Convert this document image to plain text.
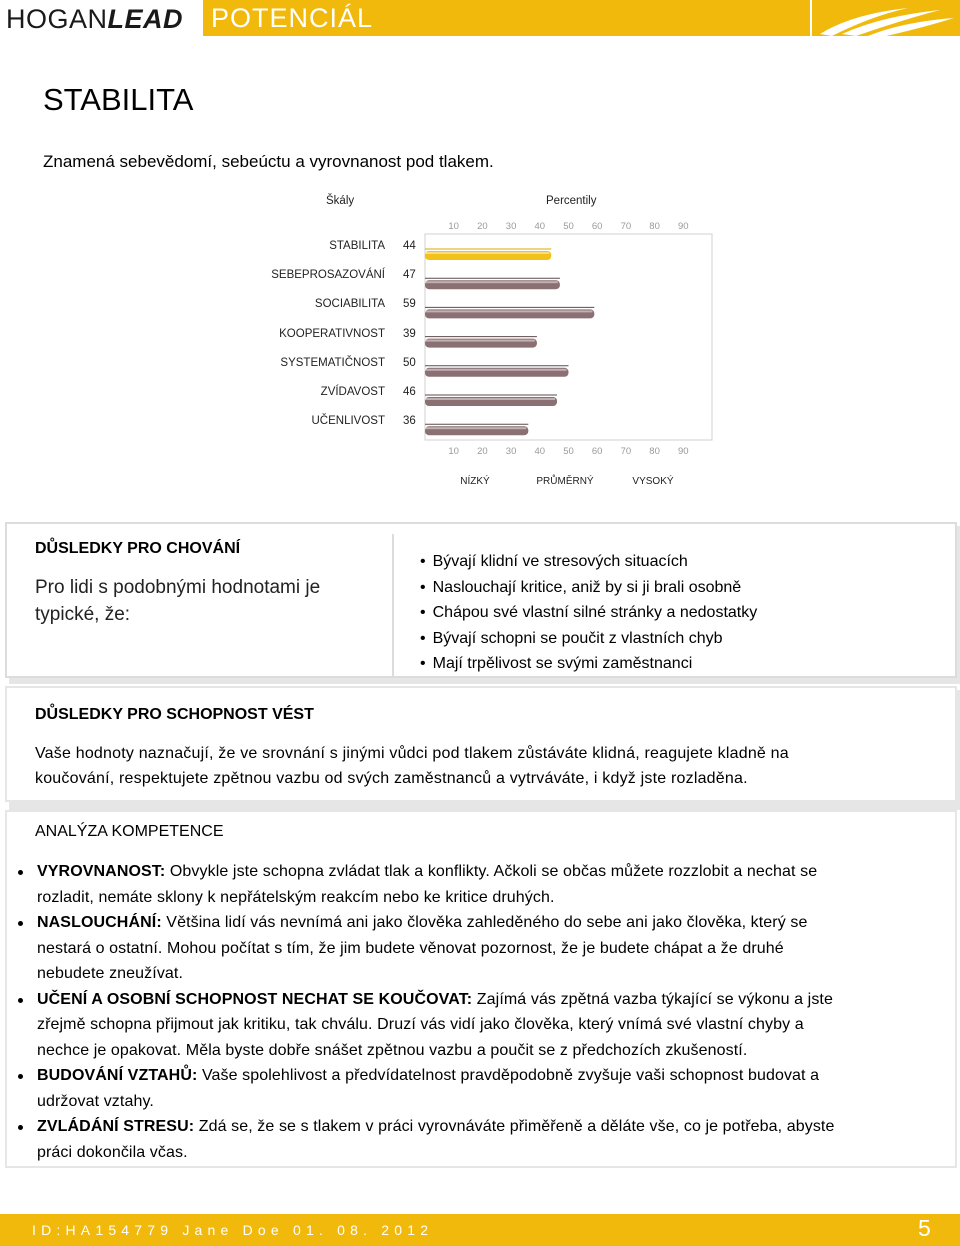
HOGANLEAD POTENCIÁL
STABILITA
Znamená sebevědomí, sebeúctu a vyrovnanost pod tlakem.
Škály	Percentily
10	20	30	40	50	60	70	80	90
10	20	30	40	50	60	70	80	90
STABILITA 44
SEBEPROSAZOVÁNÍ 47
SOCIABILITA 59
KOOPERATIVNOST 39
SYSTEMATIČNOST 50
ZVÍDAVOST 46
UČENLIVOST 36
NÍZKÝ	PRŮMĚRNÝ	VYSOKÝ
DŮSLEDKY PRO CHOVÁNÍ
Pro lidi s podobnými hodnotami je typické, že:
• Bývají klidní ve stresových situacích
• Naslouchají kritice, aniž by si ji brali osobně
• Chápou své vlastní silné stránky a nedostatky
• Bývají schopni se poučit z vlastních chyb
• Mají trpělivost se svými zaměstnanci
DŮSLEDKY PRO SCHOPNOST VÉST
Vaše hodnoty naznačují, že ve srovnání s jinými vůdci pod tlakem zůstáváte klidná, reagujete kladně na
koučování, respektujete zpětnou vazbu od svých zaměstnanců a vytrváváte, i když jste rozladěna.
ANALÝZA KOMPETENCE
VYROVNANOST: Obvykle jste schopna zvládat tlak a konflikty. Ačkoli se občas můžete rozzlobit a nechat se
rozladit, nemáte sklony k nepřátelským reakcím nebo ke kritice druhých.
NASLOUCHÁNÍ: Většina lidí vás nevnímá ani jako člověka zahleděného do sebe ani jako člověka, který se
nestará o ostatní. Mohou počítat s tím, že jim budete věnovat pozornost, že je budete chápat a že druhé
nebudete zneužívat.
UČENÍ A OSOBNÍ SCHOPNOST NECHAT SE KOUČOVAT: Zajímá vás zpětná vazba týkající se výkonu a jste
zřejmě schopna přijmout jak kritiku, tak chválu. Druzí vás vidí jako člověka, který vnímá své vlastní chyby a
nechce je opakovat. Měla byste dobře snášet zpětnou vazbu a poučit se z předchozích zkušeností.
BUDOVÁNÍ VZTAHŮ: Vaše spolehlivost a předvídatelnost pravděpodobně zvyšuje vaši schopnost budovat a
udržovat vztahy.
ZVLÁDÁNÍ STRESU: Zdá se, že se s tlakem v práci vyrovnáváte přiměřeně a děláte vše, co je potřeba, abyste
práci dokončila včas.
ID:HA154779 Jane Doe 01. 08. 2012	5
